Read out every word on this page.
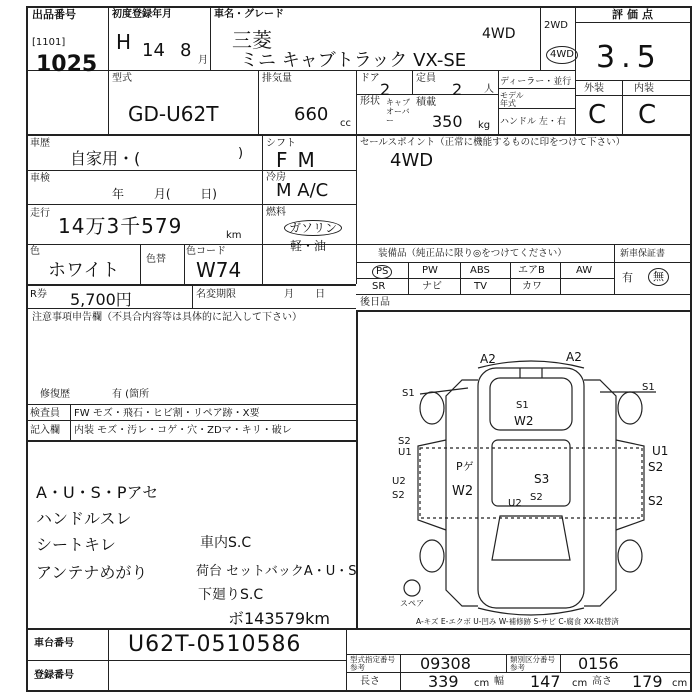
出品番号
[1101]
1025
初度登録年月
H 14 8 月
車名・グレード
三菱
ミニ キャブトラック VX-SE
4WD
2WD
4WD
評価点
3.5
型式
GD-U62T
排気量
660 cc
ドア
2
定員
2 人
形状 キャブ オーバー
積載
350 kg
ディーラー・並行
モデル 年式
ハンドル 左・右
外装	内装
C C
車歴
自家用・(	)
車検
年 月( 日)
走行
14万3千579	km
色
ホワイト
色替
色コード
W74
R券 5,700円	名変期限	月 日
シフト
FM
冷房
M A/C
燃料
ガソリン
軽・油
セールスポイント（正常に機能するものに印をつけて下さい）
4WD
装備品（純正品に限り◎をつけてください）
PS	PW	ABS	エアB	AW
SR	ナビ	TV	カワ
新車保証書
有	無
後日品
注意事項申告欄（不具合内容等は具体的に記入して下さい）
修復歴	有 (箇所
検査員
記入欄
FW モズ・飛石・ヒビ割・リペア跡・X要
内装 モズ・汚レ・コゲ・穴・ZDマ・キリ・破レ
A・U・S・Pアセ
ハンドルスレ
シートキレ
アンテナめがり
車内S.C
荷台 セットバックA・U・S
下廻りS.C
ボ143579km
A2	A2
S1
S1
W2
S1
S2
U1
U2
U1
S2
S2
Pゲ
W2
U2
S3
S2	S2
スペア
A-キズ E-エクボ U-凹み W-補修跡 S-サビ C-腐食 XX-取替済
車台番号 U62T-0510586
登録番号
型式指定番号 参考	09308	類別区分番号 参考	0156
長さ	339 cm 幅 147 cm 高さ 179 cm
